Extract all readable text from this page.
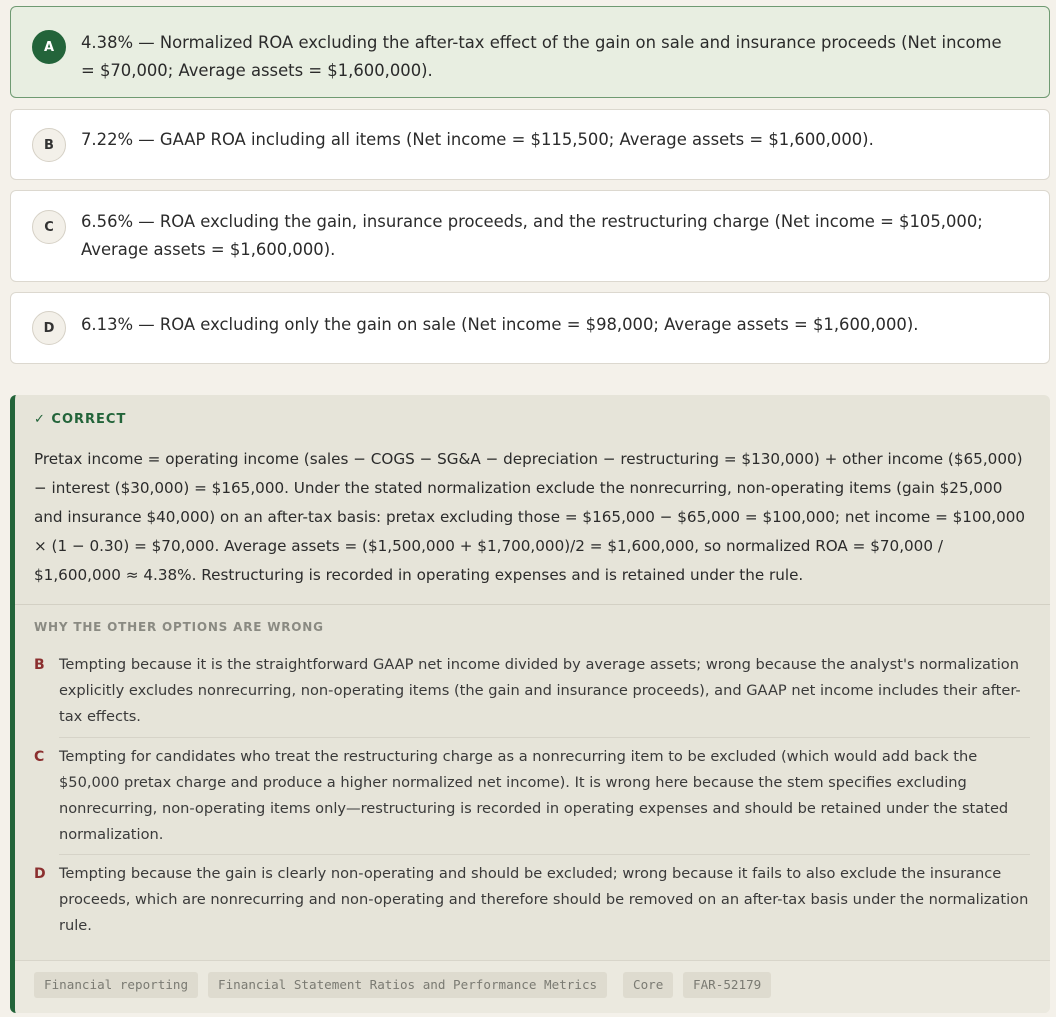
A	4.38% — Normalized ROA excluding the after-tax effect of the gain on sale and insurance proceeds (Net income = $70,000; Average assets = $1,600,000).
B	7.22% — GAAP ROA including all items (Net income = $115,500; Average assets = $1,600,000).
C	6.56% — ROA excluding the gain, insurance proceeds, and the restructuring charge (Net income = $105,000; Average assets = $1,600,000).
D	6.13% — ROA excluding only the gain on sale (Net income = $98,000; Average assets = $1,600,000).
✓ CORRECT

Pretax income = operating income (sales − COGS − SG&A − depreciation − restructuring = $130,000) + other income ($65,000) − interest ($30,000) = $165,000. Under the stated normalization exclude the nonrecurring, non-operating items (gain $25,000 and insurance $40,000) on an after-tax basis: pretax excluding those = $165,000 − $65,000 = $100,000; net income = $100,000 × (1 − 0.30) = $70,000. Average assets = ($1,500,000 + $1,700,000)/2 = $1,600,000, so normalized ROA = $70,000 / $1,600,000 ≈ 4.38%. Restructuring is recorded in operating expenses and is retained under the rule.

WHY THE OTHER OPTIONS ARE WRONG
B Tempting because it is the straightforward GAAP net income divided by average assets; wrong because the analyst's normalization explicitly excludes nonrecurring, non-operating items (the gain and insurance proceeds), and GAAP net income includes their after-tax effects.
C Tempting for candidates who treat the restructuring charge as a nonrecurring item to be excluded (which would add back the $50,000 pretax charge and produce a higher normalized net income). It is wrong here because the stem specifies excluding nonrecurring, non-operating items only—restructuring is recorded in operating expenses and should be retained under the stated normalization.
D Tempting because the gain is clearly non-operating and should be excluded; wrong because it fails to also exclude the insurance proceeds, which are nonrecurring and non-operating and therefore should be removed on an after-tax basis under the normalization rule.
Financial reporting	Financial Statement Ratios and Performance Metrics	Core	FAR-52179
